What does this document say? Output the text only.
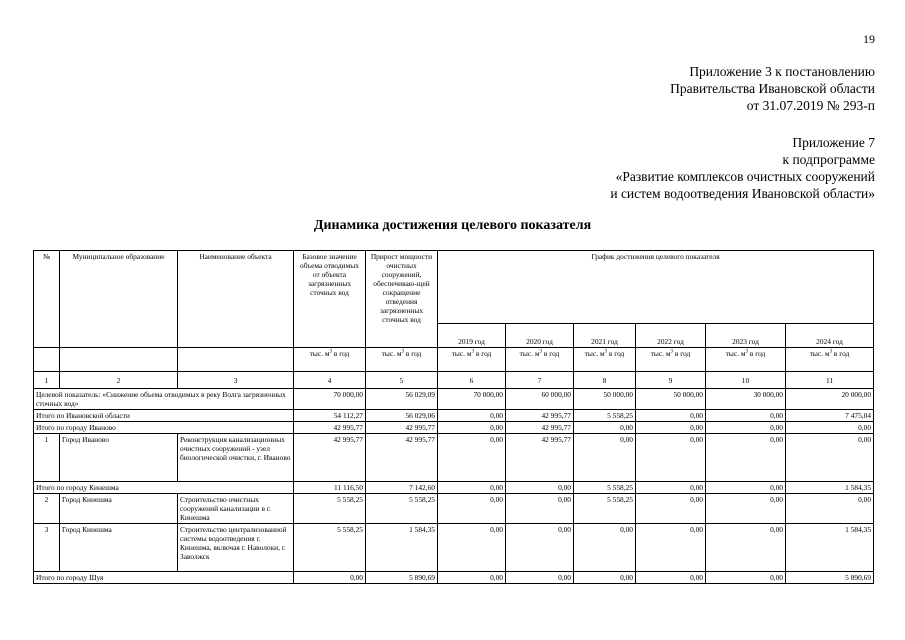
19
Приложение 3 к постановлению
Правительства Ивановской области
от 31.07.2019 № 293-п
Приложение 7
к подпрограмме
«Развитие комплексов очистных сооружений
и систем водоотведения Ивановской области»
Динамика достижения целевого показателя
№	Муниципальное образование	Наименование объекта	Базовое значение объема отводимых от объекта загрязненных сточных вод	Прирост мощности очистных сооружений, обеспечиваю-щей сокращение отведения загрязненных сточных вод	График достижения целевого показателя					
					2019 год	2020 год	2021 год	2022 год	2023 год	2024 год
			тыс. $м^3$ в год	тыс. $м^3$ в год	тыс. $м^3$ в год	тыс. $м^3$ в год	тыс. $м^3$ в год	тыс. $м^3$ в год	тыс. $м^3$ в год	тыс. $м^3$ в год
1	2	3	4	5	6	7	8	9	10	11
Целевой показатель: «Снижение объема отводимых в реку Волга загрязненных сточных вод»			70 000,00	56 029,09	70 000,00	60 000,00	50 000,00	50 000,00	30 000,00	20 000,00
Итого по Ивановской области			54 112,27	56 029,06	0,00	42 995,77	5 558,25	0,00	0,00	7 475,04
Итого по городу Иваново			42 995,77	42 995,77	0,00	42 995,77	0,00	0,00	0,00	0,00
1	Город Иваново	Реконструкция канализационных очистных сооружений - узел биологической очистки, г. Иваново	42 995,77	42 995,77	0,00	42 995,77	0,00	0,00	0,00	0,00
Итого по городу Кинешма			11 116,50	7 142,60	0,00	0,00	5 558,25	0,00	0,00	1 584,35
2	Город Кинешма	Строительство очистных сооружений канализации в г. Кинешма	5 558,25	5 558,25	0,00	0,00	5 558,25	0,00	0,00	0,00
3	Город Кинешма	Строительство централизованной системы водоотведения г. Кинешма, включая г. Наволоки, г. Заволжск	5 558,25	1 584,35	0,00	0,00	0,00	0,00	0,00	1 584,35
Итого по городу Шуя			0,00	5 890,69	0,00	0,00	0,00	0,00	0,00	5 890,69
